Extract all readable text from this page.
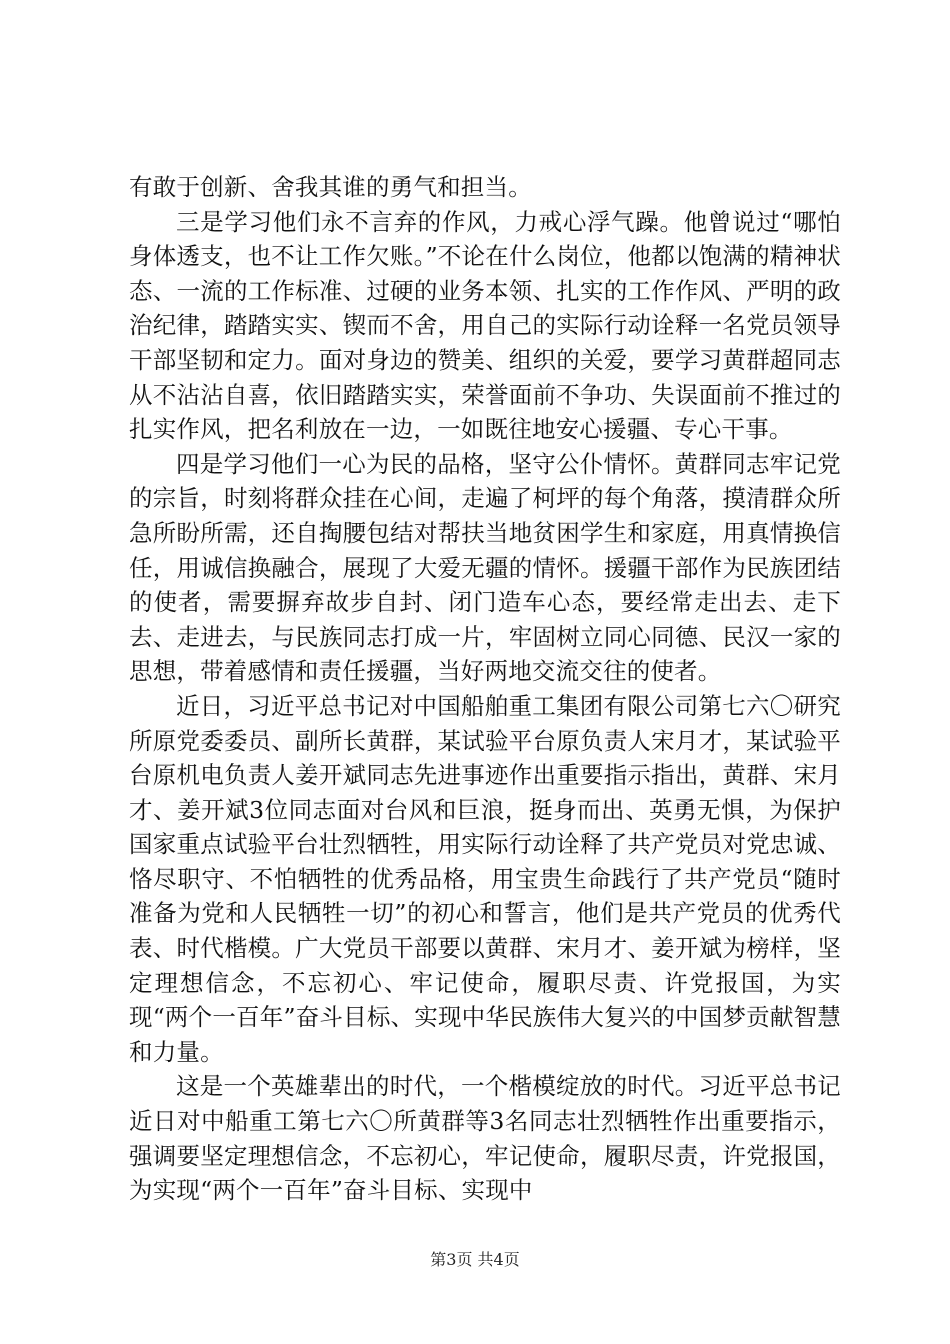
有敢于创新、舍我其谁的勇气和担当。

三是学习他们永不言弃的作风，力戒心浮气躁。他曾说过“哪怕身体透支，也不让工作欠账。”不论在什么岗位，他都以饱满的精神状态、一流的工作标准、过硬的业务本领、扎实的工作作风、严明的政治纪律，踏踏实实、锲而不舍，用自己的实际行动诠释一名党员领导干部坚韧和定力。面对身边的赞美、组织的关爱，要学习黄群超同志从不沾沾自喜，依旧踏踏实实，荣誉面前不争功、失误面前不推过的扎实作风，把名利放在一边，一如既往地安心援疆、专心干事。

四是学习他们一心为民的品格，坚守公仆情怀。黄群同志牢记党的宗旨，时刻将群众挂在心间，走遍了柯坪的每个角落，摸清群众所急所盼所需，还自掏腰包结对帮扶当地贫困学生和家庭，用真情换信任，用诚信换融合，展现了大爱无疆的情怀。援疆干部作为民族团结的使者，需要摒弃故步自封、闭门造车心态，要经常走出去、走下去、走进去，与民族同志打成一片，牢固树立同心同德、民汉一家的思想，带着感情和责任援疆，当好两地交流交往的使者。

近日，习近平总书记对中国船舶重工集团有限公司第七六〇研究所原党委委员、副所长黄群，某试验平台原负责人宋月才，某试验平台原机电负责人姜开斌同志先进事迹作出重要指示指出，黄群、宋月才、姜开斌3位同志面对台风和巨浪，挺身而出、英勇无惧，为保护国家重点试验平台壮烈牺牲，用实际行动诠释了共产党员对党忠诚、恪尽职守、不怕牺牲的优秀品格，用宝贵生命践行了共产党员“随时准备为党和人民牺牲一切”的初心和誓言，他们是共产党员的优秀代表、时代楷模。广大党员干部要以黄群、宋月才、姜开斌为榜样，坚定理想信念，不忘初心、牢记使命，履职尽责、许党报国，为实现“两个一百年”奋斗目标、实现中华民族伟大复兴的中国梦贡献智慧和力量。

这是一个英雄辈出的时代，一个楷模绽放的时代。习近平总书记近日对中船重工第七六〇所黄群等3名同志壮烈牺牲作出重要指示，强调要坚定理想信念，不忘初心，牢记使命，履职尽责，许党报国，为实现“两个一百年”奋斗目标、实现中

第3页 共4页
